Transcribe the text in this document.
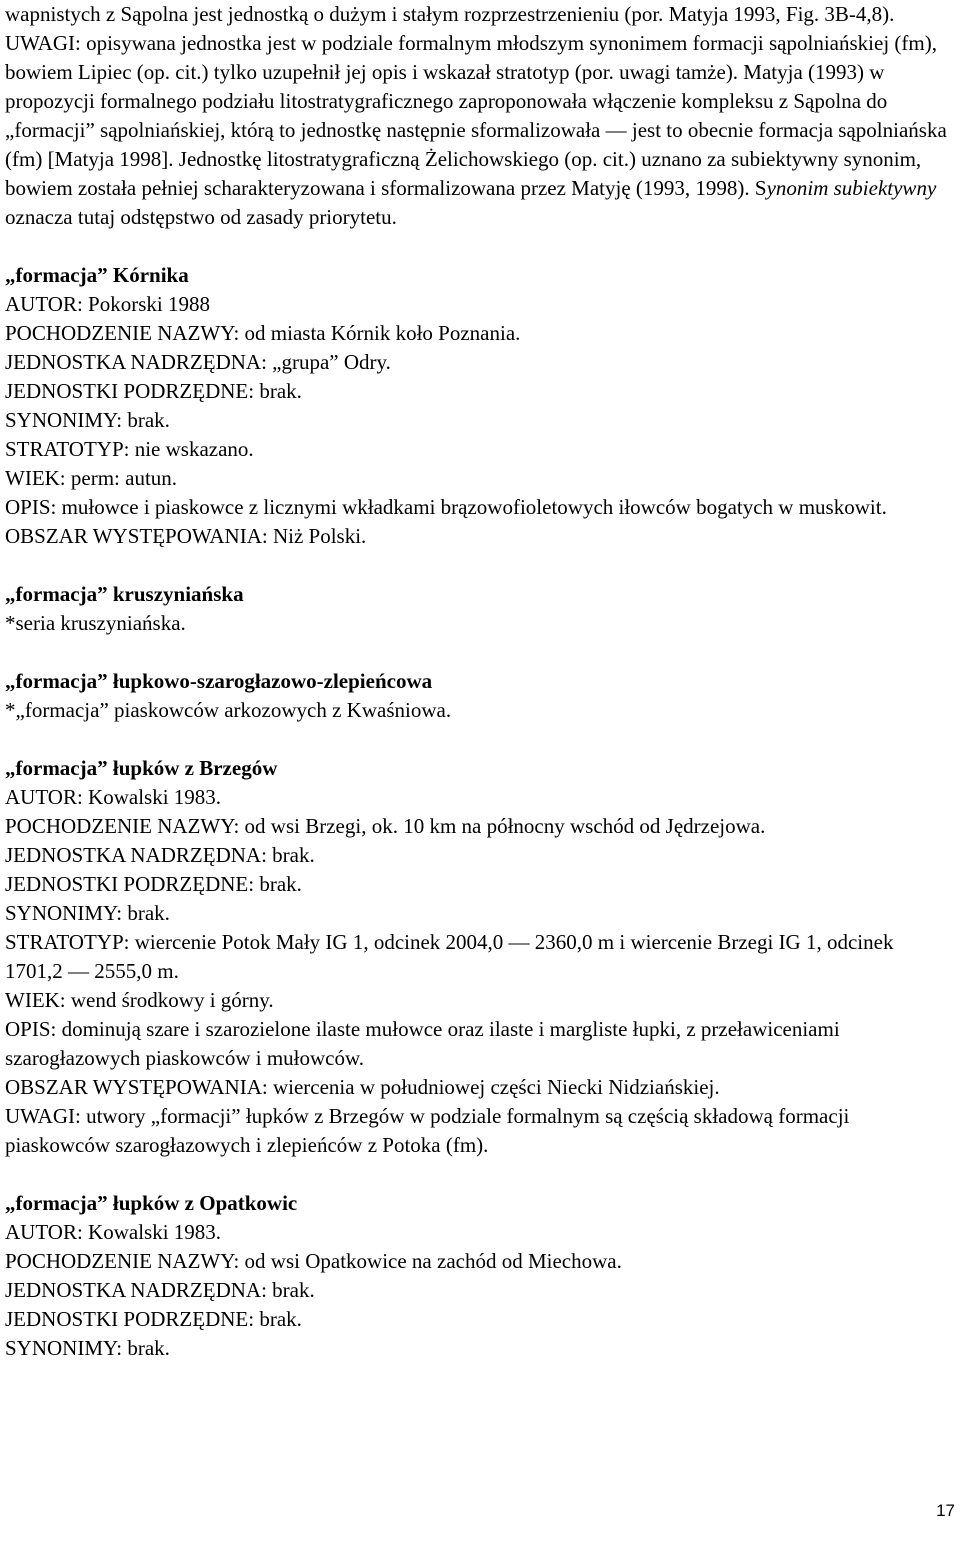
wapnistych z Sąpolna jest jednostką o dużym i stałym rozprzestrzenieniu (por. Matyja 1993, Fig. 3B-4,8).

UWAGI: opisywana jednostka jest w podziale formalnym młodszym synonimem formacji sąpolniańskiej (fm), bowiem Lipiec (op. cit.) tylko uzupełnił jej opis i wskazał stratotyp (por. uwagi tamże). Matyja (1993) w propozycji formalnego podziału litostratygraficznego zaproponowała włączenie kompleksu z Sąpolna do „formacji” sąpolniańskiej, którą to jednostkę następnie sformalizowała — jest to obecnie formacja sąpolniańska (fm) [Matyja 1998]. Jednostkę litostratygraficzną Żelichowskiego (op. cit.) uznano za subiektywny synonim, bowiem została pełniej scharakteryzowana i sformalizowana przez Matyję (1993, 1998). Synonim subiektywny oznacza tutaj odstępstwo od zasady priorytetu.

„formacja” Kórnika

AUTOR: Pokorski 1988

POCHODZENIE NAZWY: od miasta Kórnik koło Poznania.

JEDNOSTKA NADRZĘDNA: „grupa” Odry.

JEDNOSTKI PODRZĘDNE: brak.

SYNONIMY: brak.

STRATOTYP: nie wskazano.

WIEK: perm: autun.

OPIS: mułowce i piaskowce z licznymi wkładkami brązowofioletowych iłowców bogatych w muskowit.

OBSZAR WYSTĘPOWANIA: Niż Polski.

„formacja” kruszyniańska

*seria kruszyniańska.

„formacja” łupkowo-szarogłazowo-zlepieńcowa

*„formacja” piaskowców arkozowych z Kwaśniowa.

„formacja” łupków z Brzegów

AUTOR: Kowalski 1983.

POCHODZENIE NAZWY: od wsi Brzegi, ok. 10 km na północny wschód od Jędrzejowa.

JEDNOSTKA NADRZĘDNA: brak.

JEDNOSTKI PODRZĘDNE: brak.

SYNONIMY: brak.

STRATOTYP: wiercenie Potok Mały IG 1, odcinek 2004,0 — 2360,0 m i wiercenie Brzegi IG 1, odcinek 1701,2 — 2555,0 m.

WIEK: wend środkowy i górny.

OPIS: dominują szare i szarozielone ilaste mułowce oraz ilaste i margliste łupki, z przeławiceniami szarogłazowych piaskowców i mułowców.

OBSZAR WYSTĘPOWANIA: wiercenia w południowej części Niecki Nidziańskiej.

UWAGI: utwory „formacji” łupków z Brzegów w podziale formalnym są częścią składową formacji piaskowców szarogłazowych i zlepieńców z Potoka (fm).

„formacja” łupków z Opatkowic

AUTOR: Kowalski 1983.

POCHODZENIE NAZWY: od wsi Opatkowice na zachód od Miechowa.

JEDNOSTKA NADRZĘDNA: brak.

JEDNOSTKI PODRZĘDNE: brak.

SYNONIMY: brak.

17
